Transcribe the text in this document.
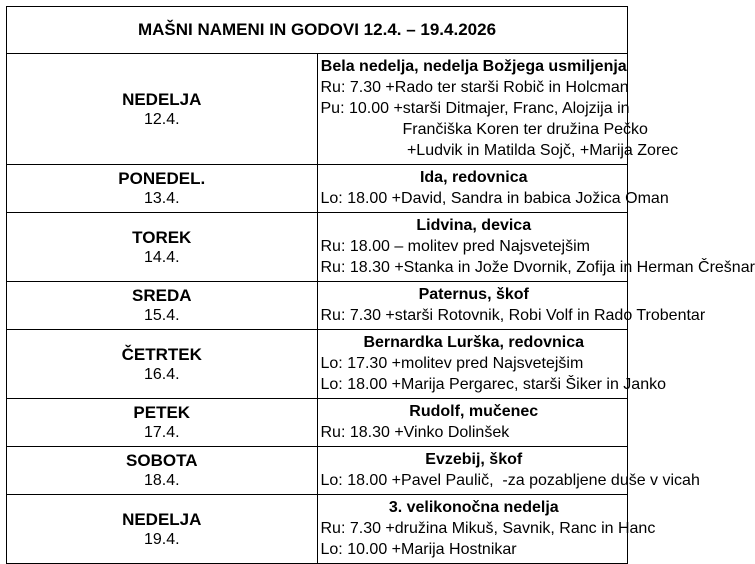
MAŠNI NAMENI IN GODOVI 12.4. – 19.4.2026	

NEDELJA
12.4.	Bela nedelja, nedelja Božjega usmiljenja
Ru: 7.30 +Rado ter starši Robič in Holcman
Pu: 10.00 +starši Ditmajer, Franc, Alojzija in
Frančiška Koren ter družina Pečko
+Ludvik in Matilda Sojč, +Marija Zorec

PONEDEL.
13.4.	Ida, redovnica
Lo: 18.00 +David, Sandra in babica Jožica Oman

TOREK
14.4.	Lidvina, devica
Ru: 18.00 – molitev pred Najsvetejšim
Ru: 18.30 +Stanka in Jože Dvornik, Zofija in Herman Črešnar

SREDA
15.4.	Paternus, škof
Ru: 7.30 +starši Rotovnik, Robi Volf in Rado Trobentar

ČETRTEK
16.4.	Bernardka Lurška, redovnica
Lo: 17.30 +molitev pred Najsvetejšim
Lo: 18.00 +Marija Pergarec, starši Šiker in Janko

PETEK
17.4.	Rudolf, mučenec
Ru: 18.30 +Vinko Dolinšek

SOBOTA
18.4.	Evzebij, škof
Lo: 18.00 +Pavel Paulič,  -za pozabljene duše v vicah

NEDELJA
19.4.	3. velikonočna nedelja
Ru: 7.30 +družina Mikuš, Savnik, Ranc in Hanc
Lo: 10.00 +Marija Hostnikar
